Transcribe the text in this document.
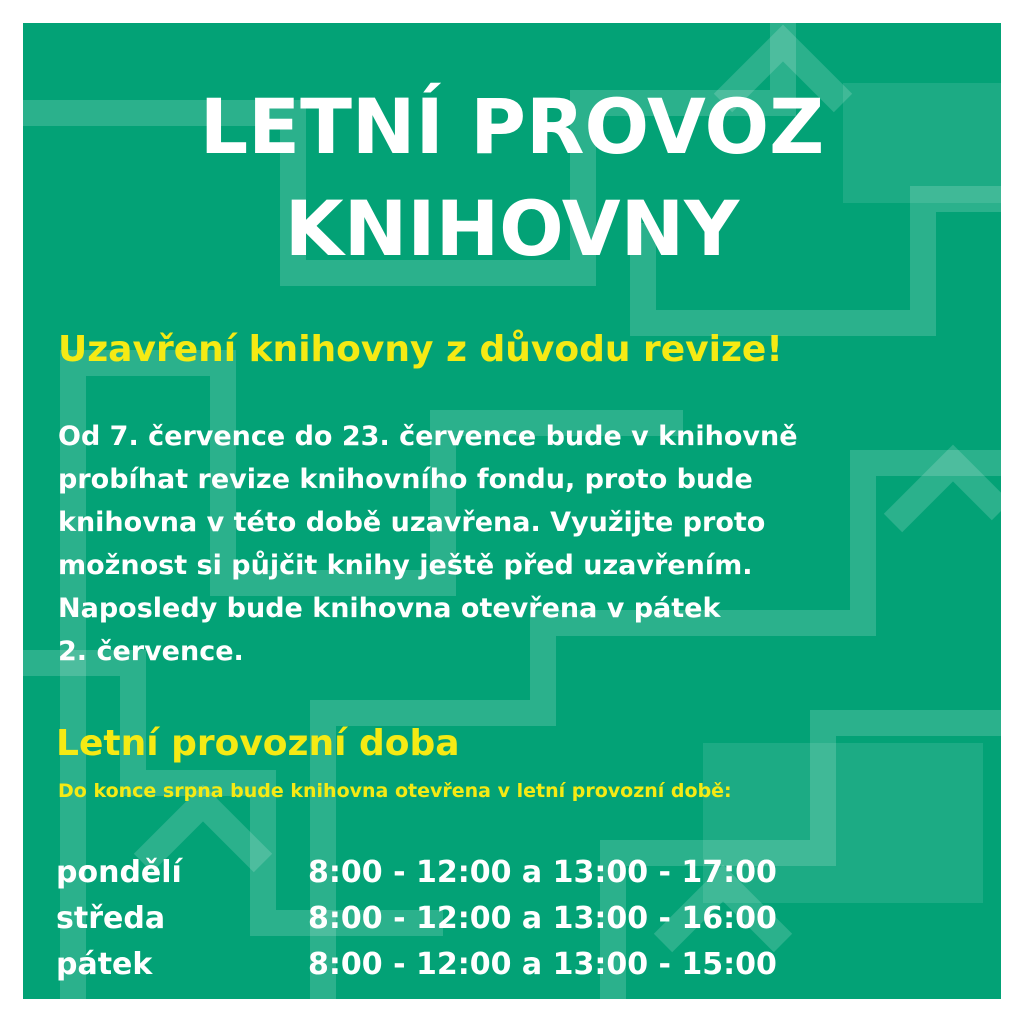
LETNÍ PROVOZ
KNIHOVNY
Uzavření knihovny z důvodu revize!
Od 7. července do 23. července bude v knihovně
probíhat revize knihovního fondu, proto bude
knihovna v této době uzavřena. Využijte proto
možnost si půjčit knihy ještě před uzavřením.
Naposledy bude knihovna otevřena v pátek
2. července.
Letní provozní doba
Do konce srpna bude knihovna otevřena v letní provozní době:
pondělí	8:00 - 12:00 a 13:00 - 17:00
středa	8:00 - 12:00 a 13:00 - 16:00
pátek	8:00 - 12:00 a 13:00 - 15:00
